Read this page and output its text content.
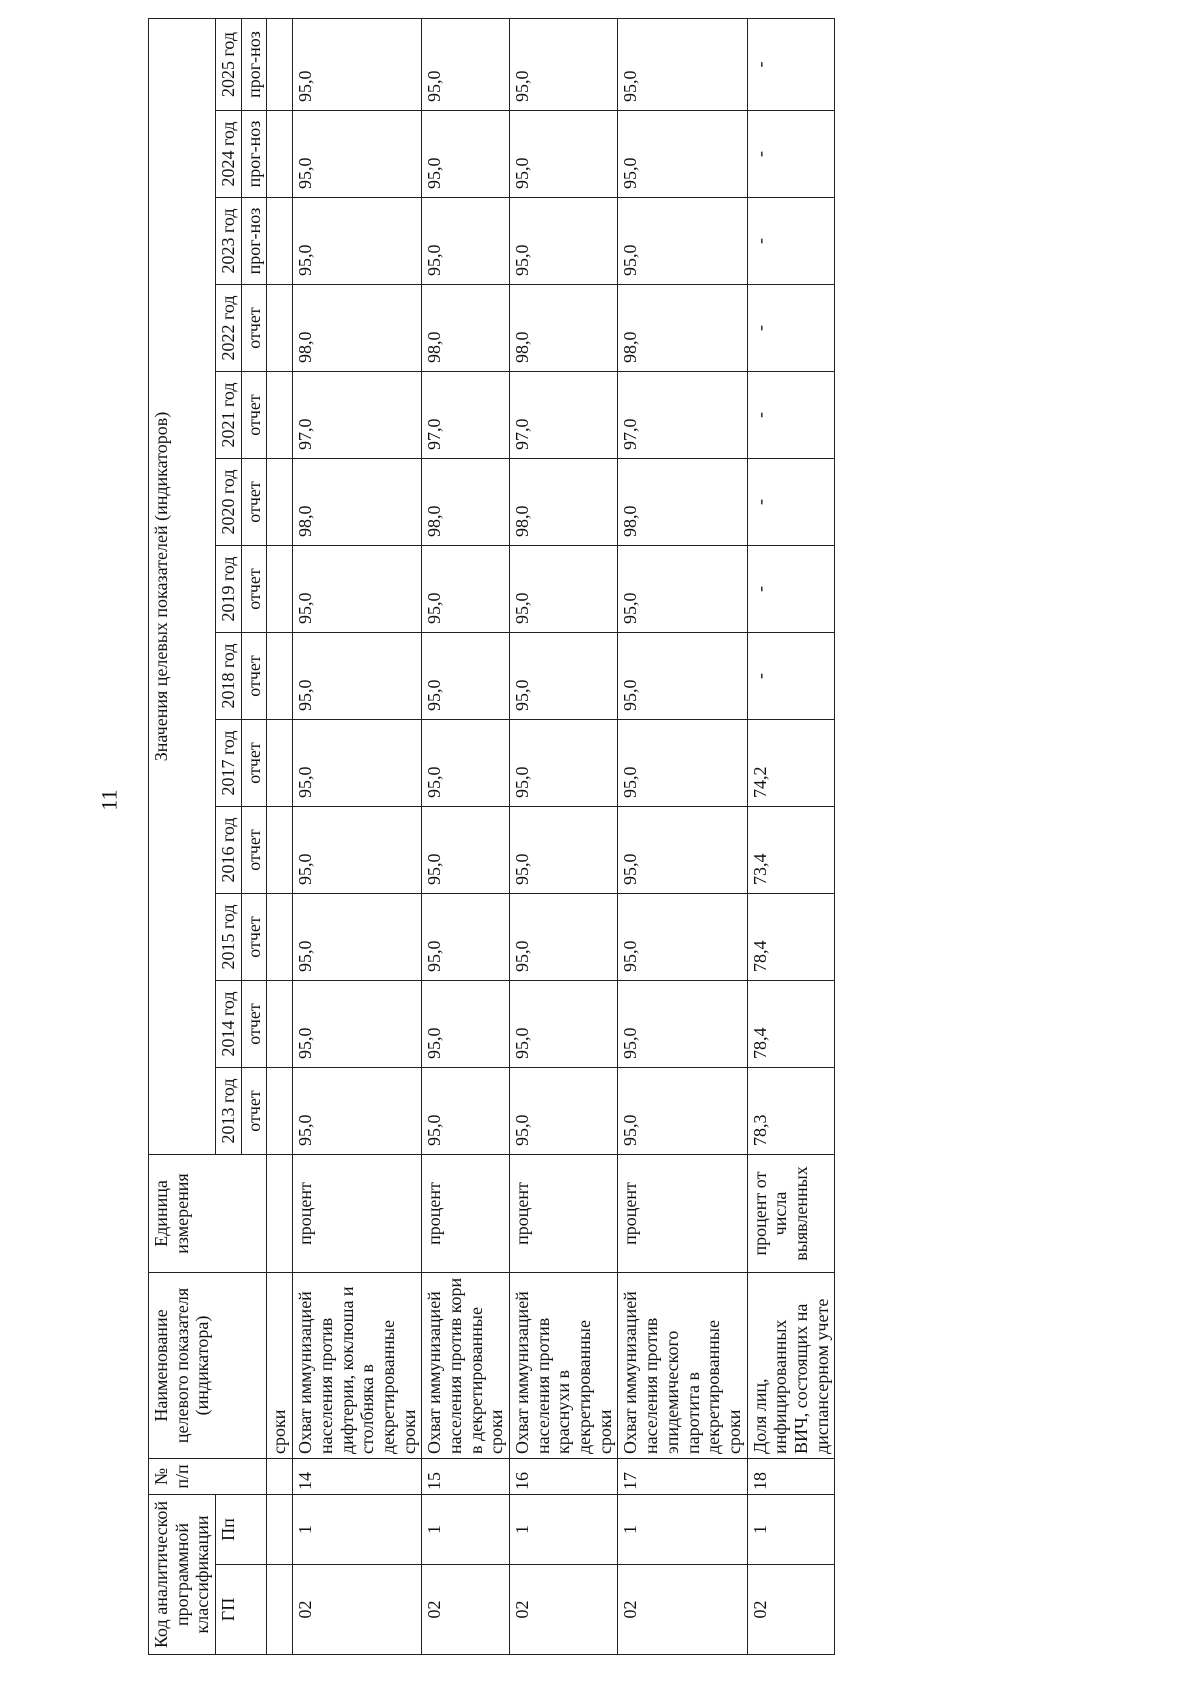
11
Код аналитической программной классификации		№ п/п	Наименование целевого показателя (индикатора)	Единица измерения	Значения целевых показателей (индикаторов)												
ГП	Пп				2013 год	2014 год	2015 год	2016 год	2017 год	2018 год	2019 год	2020 год	2021 год	2022 год	2023 год	2024 год	2025 год
					отчет	отчет	отчет	отчет	отчет	отчет	отчет	отчет	отчет	отчет	прог-ноз	прог-ноз	прог-ноз
			сроки														
02	1	14	Охват иммунизацией населения против дифтерии, коклюша и столбняка в декретированные сроки	процент	95,0	95,0	95,0	95,0	95,0	95,0	95,0	98,0	97,0	98,0	95,0	95,0	95,0
02	1	15	Охват иммунизацией населения против кори в декретированные сроки	процент	95,0	95,0	95,0	95,0	95,0	95,0	95,0	98,0	97,0	98,0	95,0	95,0	95,0
02	1	16	Охват иммунизацией населения против краснухи в декретированные сроки	процент	95,0	95,0	95,0	95,0	95,0	95,0	95,0	98,0	97,0	98,0	95,0	95,0	95,0
02	1	17	Охват иммунизацией населения против эпидемического паротита в декретированные сроки	процент	95,0	95,0	95,0	95,0	95,0	95,0	95,0	98,0	97,0	98,0	95,0	95,0	95,0
02	1	18	Доля лиц, инфицированных ВИЧ, состоящих на диспансерном учете	процент от числа выявленных	78,3	78,4	78,4	73,4	74,2	-	-	-	-	-	-	-	-
